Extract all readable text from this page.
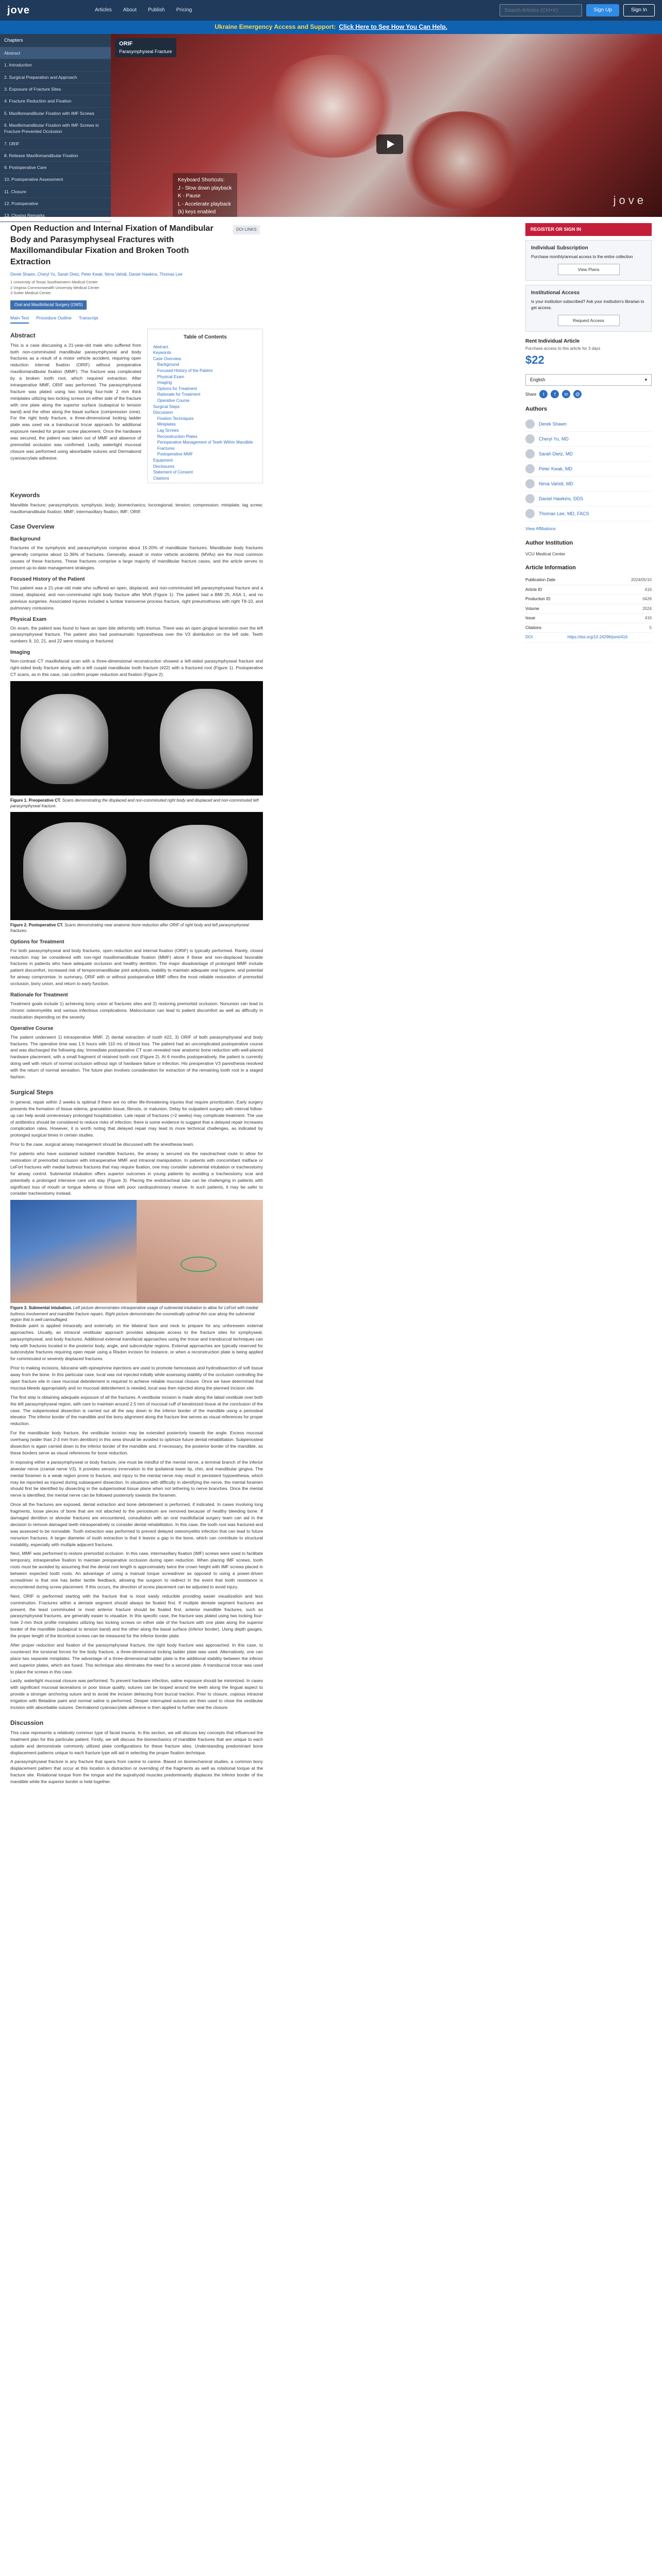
jove	Articles About Publish Pricing
Search Articles (Ctrl+K)	Sign Up	Sign In
Ukraine Emergency Access and Support: Click Here to See How You Can Help.
Chapters
Abstract
1. Introduction
2. Surgical Preparation and Approach
3. Exposure of Fracture Sites
4. Fracture Reduction and Fixation
5. Maxillomandibular Fixation with IMF Screws
6. Maxillomandibular Fixation with IMF Screws in Fracture Prevented Occlusion
7. ORIF
8. Release Maxillomandibular Fixation
9. Postoperative Care
10. Postoperative Assessment
11. Closure
12. Postoperative
13. Closing Remarks
ORIF
Parasymphyseal Fracture
Keyboard Shortcuts:
J - Slow down playback
K - Pause
L - Accelerate playback
(k) keys enabled
jove
Open Reduction and Internal Fixation of Mandibular Body and Parasymphyseal Fractures with Maxillomandibular Fixation and Broken Tooth Extraction
DOI LINKS
Derek Shawn, Cheryl Yu, Sarah Dietz, Peter Kwak, Nima Vahidi, Daniel Hawkins, Thomas Lee
1 University of Texas Southwestern Medical Center
2 Virginia Commonwealth University Medical Center
3 Sutter Medical Center
Oral and Maxillofacial Surgery (OMS)
Main Text Procedure Outline Transcript
Abstract

This is a case discussing a 21-year-old male who suffered from both non-comminuted mandibular parasymphyseal and body fractures as a result of a motor vehicle accident, requiring open reduction internal fixation (ORIF) without preoperative maxillomandibular fixation (MMF). The fracture was complicated by a broken tooth root, which required extraction. After intraoperative MMF, ORIF was performed. The parasymphyseal fracture was plated using two locking four-hole 2 mm thick miniplates utilizing two locking screws on either side of the fracture with one plate along the superior surface (subapical to tension band) and the other along the basal surface (compression zone). For the right body fracture, a three-dimensional locking ladder plate was used via a transbuccal trocar approach for additional exposure needed for proper screw placement. Once the hardware was secured, the patient was taken out of MMF and absence of premorbid occlusion was confirmed. Lastly, watertight mucosal closure was performed using absorbable sutures and Dermabond cyanoacrylate adhesive.

Table of Contents
Abstract
Keywords
Case Overview
Background
Focused History of the Patient
Physical Exam
Imaging
Options for Treatment
Rationale for Treatment
Operative Course
Surgical Steps
Discussion
Fixation Techniques
Miniplates
Lag Screws
Reconstruction Plates
Perioperative Management of Teeth Within Mandible Fractures
Postoperative MMF
Equipment
Disclosures
Statement of Consent
Citations
Keywords

Mandible fracture; parasymphysis; symphysis; body; biomechanics; locoregional; tension; compression; miniplate; lag screw; maxillomandibular fixation; MMF; intermaxillary fixation; IMF; ORIF.

Case Overview
Background

Fractures of the symphysis and parasymphysis comprise about 15-20% of mandibular fractures. Mandibular body fractures generally comprise about 11-36% of fractures. Generally, assault or motor vehicle accidents (MVAs) are the most common causes of these fractures. These fractures comprise a large majority of mandibular fracture cases, and the article serves to present up-to-date management strategies.

Focused History of the Patient

This patient was a 21-year-old male who suffered an open, displaced, and non-comminuted left parasymphyseal fracture and a closed, displaced, and non-comminuted right body fracture after MVA (Figure 1). The patient had a BMI 25, ASA 1, and no previous surgeries. Associated injuries included a lumbar transverse process fracture, right pneumothorax with right T8-10, and pulmonary contusions.

Physical Exam

On exam, the patient was found to have an open bite deformity with trismus. There was an open gingival laceration over the left parasymphyseal fracture. The patient also had postraumatic hypoesthesia over the V3 distribution on the left side. Teeth numbers 9, 10, 21, and 22 were missing or fractured.

Imaging

Non-contrast CT maxillofacial scan with a three-dimensional reconstruction showed a left-sided parasymphyseal fracture and right-sided body fracture along with a left cuspid mandibular tooth fracture (#22) with a fractured root (Figure 1). Postoperative CT scans, as in this case, can confirm proper reduction and fixation (Figure 2).

Figure 1. Preoperative CT. Scans demonstrating the displaced and non-comminuted right body and displaced and non-comminuted left parasymphyseal fracture.
Figure 2. Postoperative CT. Scans demonstrating near anatomic bone reduction after ORIF of right body and left parasymphyseal fractures.
Options for Treatment

For both parasymphyseal and body fractures, open reduction and internal fixation (ORIF) is typically performed. Rarely, closed reduction may be considered with non-rigid maxillomandibular fixation (MMF) alone if these and non-displaced favorable fractures in patients who have adequate occlusion and healthy dentition. The major disadvantage of prolonged MMF include patient discomfort, increased risk of temporomandibular joint ankylosis, inability to maintain adequate oral hygiene, and potential for airway compromise. In summary, ORIF with or without postoperative MMF offers the most reliable restoration of premorbid occlusion, bony union, and return to early function.

Rationale for Treatment

Treatment goals include 1) achieving bony union at fractures sites and 2) restoring premorbid occlusion. Nonunion can lead to chronic osteomyelitis and various infectious complications. Malocclusion can lead to patient discomfort as well as difficulty in mastication depending on the severity.

Operative Course

The patient underwent 1) intraoperative MMF, 2) dental extraction of tooth #22, 3) ORIF of both parasymphyseal and body fractures. The operative time was 1.5 hours with 110 mL of blood loss. The patient had an uncomplicated postoperative course and was discharged the following day. Immediate postoperative CT scan revealed near anatomic bone reduction with well-placed hardware placement, with a small fragment of retained tooth root (Figure 2). At 6 months postoperatively, the patient is currently doing well with return of normal occlusion without sign of hardware failure or infection. His preoperative V3 paresthesia resolved with the return of normal sensation. The future plan involves consideration for extraction of the remaining tooth root in a staged fashion.

Surgical Steps

In general, repair within 2 weeks is optimal if there are no other life-threatening injuries that require prioritization. Early surgery presents the formation of tissue edema, granulation tissue, fibrosis, or malunion. Delay for outpatient surgery with interval follow-up can help avoid unnecessary prolonged hospitalization. Late repair of fractures (>2 weeks) may complicate treatment. The use of antibiotics should be considered to reduce risks of infection; there is some evidence to suggest that a delayed repair increases complication rates. However, it is worth noting that delayed repair may lead to more technical challenges, as indicated by prolonged surgical times in certain studies.

Prior to the case, surgical airway management should be discussed with the anesthesia team.

For patients who have sustained isolated mandible fractures, the airway is secured via the nasotracheal route to allow for restoration of premorbid occlusion with intraoperative MMF and intraoral manipulation. In patients with concomitant midface or LeFort fractures with medial buttress fractures that may require fixation, one may consider submental intubation or tracheostomy for airway control. Submental intubation offers superior outcomes in young patients by avoiding a tracheostomy scar and potentially a prolonged intensive care unit stay (Figure 3). Placing the endotracheal tube can be challenging in patients with significant loss of mouth or tongue edema or those with poor cardiopulmonary reserve. In such patients, it may be safer to consider tracheostomy instead.

Figure 3. Submental intubation. Left picture demonstrates intraoperative usage of submental intubation to allow for LeFort with medial buttress involvement and mandible fracture repairs. Right picture demonstrates the cosmetically optimal thin scar along the submental region that is well camouflaged.

Bedside paint is applied intraorally and externally on the bilateral face and neck to prepare for any unforeseen external approaches. Usually, an intraoral vestibular approach provides adequate access to the fracture sites for symphyseal, parasymphyseal, and body fractures. Additional external transfacial approaches using the trocar and transbuccal techniques can help with fractures located in the posterior body, angle, and subcondylar regions. External approaches are typically reserved for subcondylar fractures requiring open repair using a Risdon incision for instance, or when a reconstruction plate is being applied for comminuted or severely displaced fractures.

Prior to making incisions, lidocaine with epinephrine injections are used to promote hemostasis and hydrodissection of soft tissue away from the bone. In this particular case, local was not injected initially while assessing stability of the occlusion controlling the open fracture site in case mucosal debridement is required to achieve reliable mucosal closure. Once we have determined that mucosa bleeds appropriately and no mucosal debridement is needed, local was then injected along the planned incision site.

The first step is obtaining adequate exposure of all the fractures. A vestibular incision is made along the labial vestibule over both the left parasymphyseal region, with care to maintain around 2.5 mm of mucosal cuff of keratinized tissue at the conclusion of the case. The subperiosteal dissection is carried out all the way down to the inferior border of the mandible using a periosteal elevator. The inferior border of the mandible and the bony alignment along the fracture line serves as visual references for proper reduction.

For the mandibular body fracture, the vestibular incision may be extended posteriorly towards the angle. Excess mucosal overhang (wider than 2-3 mm from dentition) in this area should be avoided to optimize future dental rehabilitation. Subperiosteal dissection is again carried down to the inferior border of the mandible and, if necessary, the posterior border of the mandible, as these borders serve as visual references for bone reduction.

In exposing either a parasymphyseal or body fracture, one must be mindful of the mental nerve, a terminal branch of the inferior alveolar nerve (cranial nerve V3). It provides sensory innervation to the ipsilateral lower lip, chin, and mandibular gingiva. The mental foramen is a weak region prone to fracture, and injury to the mental nerve may result in persistent hypoesthesia, which may be reported as injured during subsequent dissection. In situations with difficulty in identifying the nerve, the mental foramen should first be identified by dissecting in the subperiosteal tissue plane when not tethering to nerve branches. Once the mental nerve is identified, the mental nerve can be followed posteriorly towards the foramen.

Once all the fractures are exposed, dental extraction and bone debridement is performed, if indicated. In cases involving long fragments, loose pieces of bone that are not attached to the periosteum are removed because of healthy bleeding bone. If damaged dentition or alveolar fractures are encountered, consultation with an oral maxillofacial surgery team can aid in the decision to remove damaged teeth intraoperatively or consider dental rehabilitation. In this case, the tooth root was fractured and was assessed to be nonviable. Tooth extraction was performed to prevent delayed osteomyelitis infection that can lead to future nonunion fractures. A larger diameter of tooth extraction is that it leaves a gap in the bone, which can contribute to structural instability, especially with multiple adjacent fractures.

Next, MMF was performed to restore premorbid occlusion. In this case, intermaxillary fixation (IMF) screws were used to facilitate temporary, intraoperative fixation to maintain preoperative occlusion during open reduction. When placing IMF screws, tooth roots must be avoided by assuming that the dental root length is approximately twice the crown height with IMF screws placed in between expected tooth roots. An advantage of using a manual torque screwdriver as opposed to using a power-driven screwdriver is that one has better tactile feedback, allowing the surgeon to redirect in the event that tooth resistance is encountered during screw placement. If this occurs, the direction of screw placement can be adjusted to avoid injury.

Next, ORIF is performed starting with the fracture that is most easily reducible providing easier visualization and less comminution. Fractures within a dentate segment should always be fixated first. If multiple dentate segment fractures are present, the least comminuted or most anterior fracture should be fixated first, anterior mandible fractures, such as parasymphyseal fractures, are generally easier to visualize. In this specific case, the fracture was plated using two locking four-hole 2-mm thick profile miniplates utilizing two locking screws on either side of the fracture with one plate along the superior border of the mandible (subapical to tension band) and the other along the basal surface (inferior border). Using depth gauges, the proper length of the bicortical screws can be measured for the inferior border plate.

After proper reduction and fixation of the parasymphyseal fracture, the right body fracture was approached. In this case, to counteract the torsional forces for the body fracture, a three-dimensional locking ladder plate was used. Alternatively, one can place two separate miniplates. The advantage of a three-dimensional ladder plate is the additional stability between the inferior and superior plates, which are fused. This technique also eliminates the need for a second plate. A transbuccal trocar was used to place the screws in this case.

Lastly, watertight mucosal closure was performed. To prevent hardware infection, saline exposure should be minimized. In cases with significant mucosal lacerations or poor tissue quality, sutures can be looped around the teeth along the lingual aspect to provide a stronger anchoring suture and to avoid the incision dehiscing from buccal traction. Prior to closure, copious intraoral irrigation with Betadine paint and normal saline is performed. Deeper interrupted sutures are then used to close the vestibular incision with absorbable sutures. Dermabond cyanoacrylate adhesive is then applied to further seal the closure.

Discussion

This case represents a relatively common type of facial trauma. In this section, we will discuss key concepts that influenced the treatment plan for this particular patient. Firstly, we will discuss the biomechanics of mandible fractures that are unique to each subsite and demonstrate commonly utilized plate configurations for these fracture sites. Understanding predominant bone displacement patterns unique to each fracture type will aid in selecting the proper fixation technique.

A parasymphyseal fracture is any fracture that spans from canine to canine. Based on biomechanical studies, a common bony displacement pattern that occur at this location is distraction or overriding of the fragments as well as rotational torque at the fracture site. Rotational torque from the tongue and the suprahyoid muscles predominantly displaces the inferior border of the mandible while the superior border is held together.

REGISTER OR SIGN IN
Individual Subscription
Purchase monthly/annual access to the entire collection
View Plans
Institutional Access
Is your institution subscribed? Ask your institution's librarian to get access.
Request Access
Rent Individual Article
Purchase access to this article for 3 days
$22
English	▾
Share	t	f	in	@
Authors
Derek Shawn
Cheryl Yu, MD
Sarah Dietz, MD
Peter Kwak, MD
Nima Vahidi, MD
Daniel Hawkins, DDS
Thomas Lee, MD, FACS
View Affiliations
Author Institution
VCU Medical Center
Article Information
Publication Date	2024/05/10
Article ID	416
Production ID	0426
Volume	2024
Issue	416
Citations	5
DOI	https://doi.org/10.24296/jomi/416
